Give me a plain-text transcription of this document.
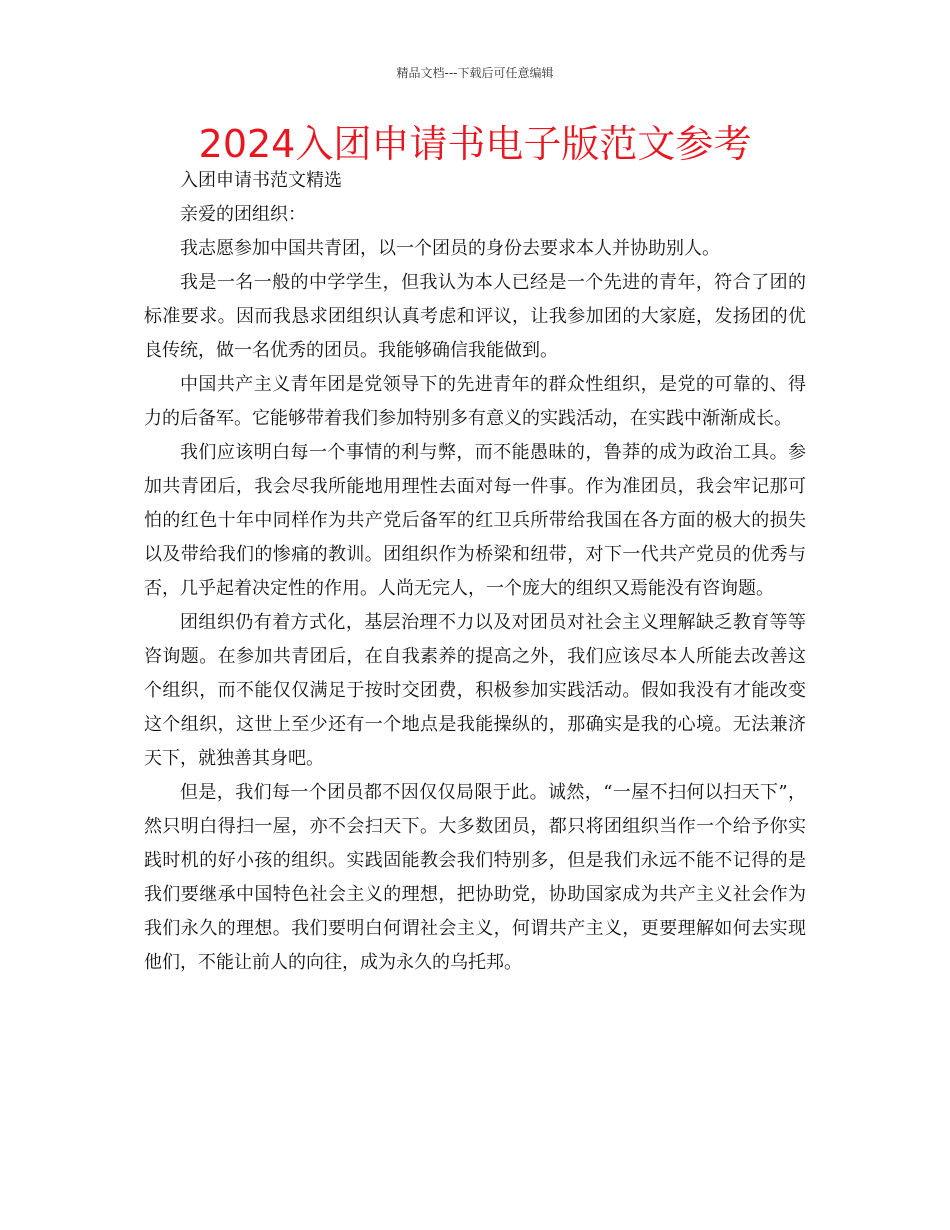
精品文档---下载后可任意编辑
2024入团申请书电子版范文参考

入团申请书范文精选

亲爱的团组织：

我志愿参加中国共青团，以一个团员的身份去要求本人并协助别人。

我是一名一般的中学学生，但我认为本人已经是一个先进的青年，符合了团的标准要求。因而我恳求团组织认真考虑和评议，让我参加团的大家庭，发扬团的优良传统，做一名优秀的团员。我能够确信我能做到。

中国共产主义青年团是党领导下的先进青年的群众性组织，是党的可靠的、得力的后备军。它能够带着我们参加特别多有意义的实践活动，在实践中渐渐成长。

我们应该明白每一个事情的利与弊，而不能愚昧的，鲁莽的成为政治工具。参加共青团后，我会尽我所能地用理性去面对每一件事。作为准团员，我会牢记那可怕的红色十年中同样作为共产党后备军的红卫兵所带给我国在各方面的极大的损失以及带给我们的惨痛的教训。团组织作为桥梁和纽带，对下一代共产党员的优秀与否，几乎起着决定性的作用。人尚无完人，一个庞大的组织又焉能没有咨询题。

团组织仍有着方式化，基层治理不力以及对团员对社会主义理解缺乏教育等等咨询题。在参加共青团后，在自我素养的提高之外，我们应该尽本人所能去改善这个组织，而不能仅仅满足于按时交团费，积极参加实践活动。假如我没有才能改变这个组织，这世上至少还有一个地点是我能操纵的，那确实是我的心境。无法兼济天下，就独善其身吧。

但是，我们每一个团员都不因仅仅局限于此。诚然，“一屋不扫何以扫天下”，然只明白得扫一屋，亦不会扫天下。大多数团员，都只将团组织当作一个给予你实践时机的好小孩的组织。实践固能教会我们特别多，但是我们永远不能不记得的是我们要继承中国特色社会主义的理想，把协助党，协助国家成为共产主义社会作为我们永久的理想。我们要明白何谓社会主义，何谓共产主义，更要理解如何去实现他们，不能让前人的向往，成为永久的乌托邦。
